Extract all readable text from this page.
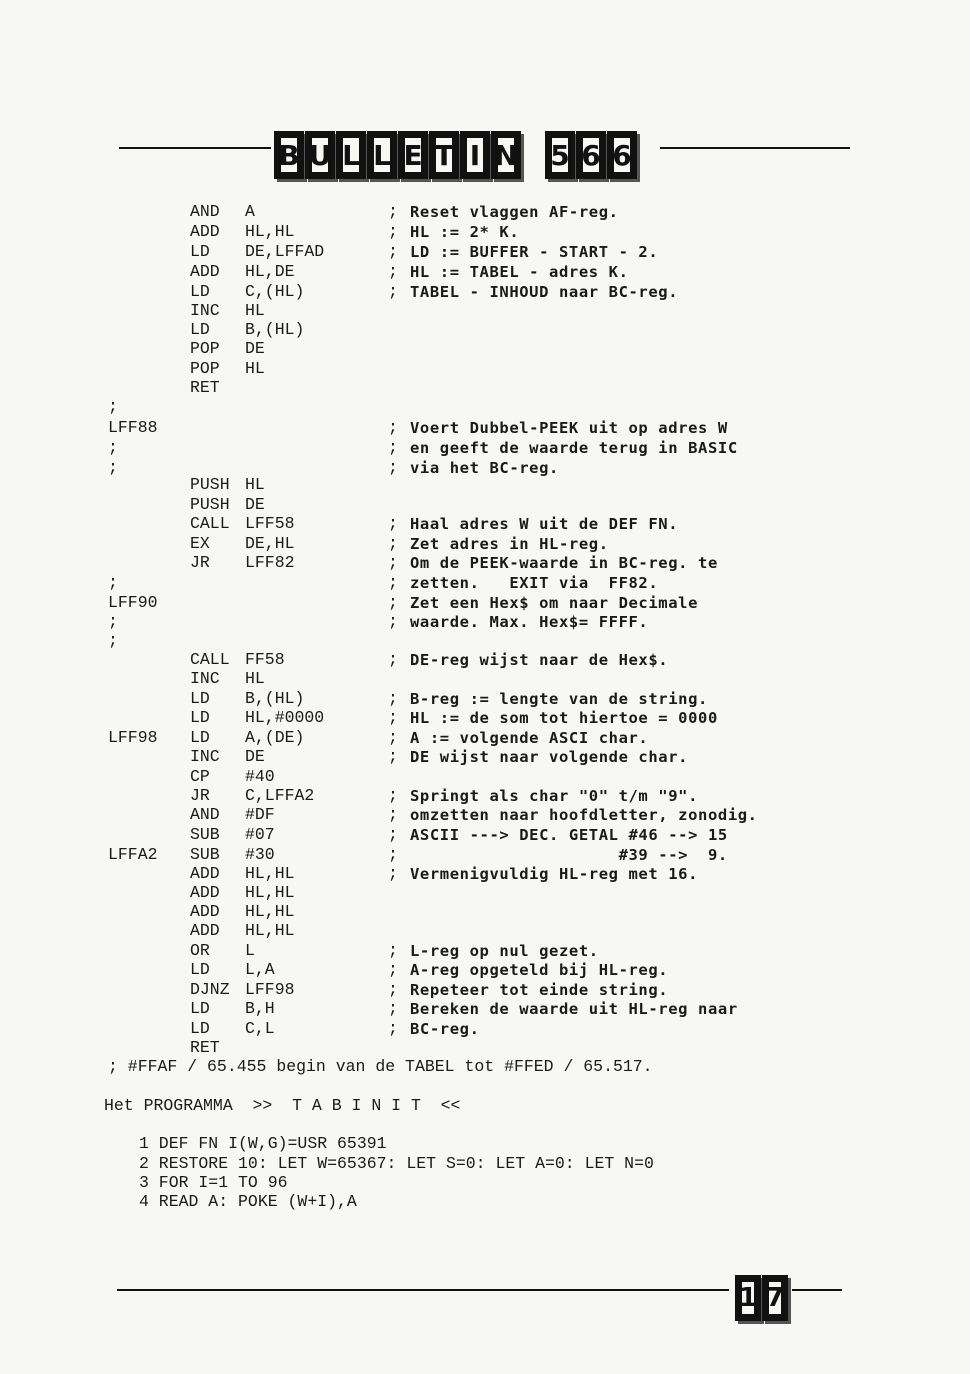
B U L L E T I N 5 6 6
AND A	; Reset vlaggen AF-reg.
ADD HL,HL	; HL := 2* K.
LD DE,LFFAD	; LD := BUFFER - START - 2.
ADD HL,DE	; HL := TABEL - adres K.
LD C,(HL)	; TABEL - INHOUD naar BC-reg.
INC HL
LD B,(HL)
POP DE
POP HL
RET
;
LFF88	; Voert Dubbel-PEEK uit op adres W
;	; en geeft de waarde terug in BASIC
;	; via het BC-reg.
PUSH HL
PUSH DE
CALL LFF58	; Haal adres W uit de DEF FN.
EX DE,HL	; Zet adres in HL-reg.
JR LFF82	; Om de PEEK-waarde in BC-reg. te
;	; zetten.   EXIT via  FF82.
LFF90	; Zet een Hex$ om naar Decimale
;	; waarde. Max. Hex$= FFFF.
;
CALL FF58	; DE-reg wijst naar de Hex$.
INC HL
LD B,(HL)	; B-reg := lengte van de string.
LD HL,#0000	; HL := de som tot hiertoe = 0000
LFF98 LD A,(DE)	; A := volgende ASCI char.
INC DE	; DE wijst naar volgende char.
CP #40
JR C,LFFA2	; Springt als char "0" t/m "9".
AND #DF	; omzetten naar hoofdletter, zonodig.
SUB #07	; ASCII ---> DEC. GETAL #46 --> 15
LFFA2 SUB #30	; #39 -->  9.
ADD HL,HL	; Vermenigvuldig HL-reg met 16.
ADD HL,HL
ADD HL,HL
ADD HL,HL
OR L	; L-reg op nul gezet.
LD L,A	; A-reg opgeteld bij HL-reg.
DJNZ LFF98	; Repeteer tot einde string.
LD B,H	; Bereken de waarde uit HL-reg naar
LD C,L	; BC-reg.
RET
; #FFAF / 65.455 begin van de TABEL tot #FFED / 65.517.
Het PROGRAMMA  >>  T A B I N I T  <<
1 DEF FN I(W,G)=USR 65391
2 RESTORE 10: LET W=65367: LET S=0: LET A=0: LET N=0
3 FOR I=1 TO 96
4 READ A: POKE (W+I),A
1 7
